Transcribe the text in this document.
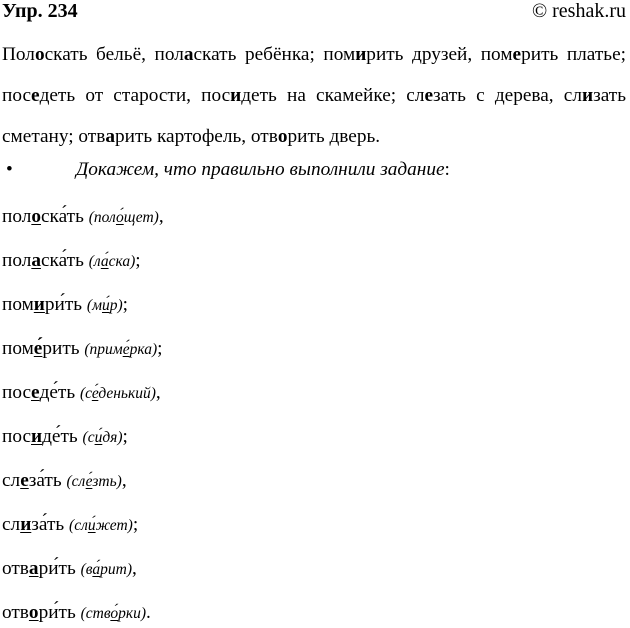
Упр. 234	© reshak.ru

Полоскать бельё, поласкать ребёнка; помирить друзей, померить платье; поседеть от старости, посидеть на скамейке; слезать с дерева, слизать сметану; отварить картофель, отворить дверь.

•	Докажем, что правильно выполнили задание:
полоска́ть (поло́щет),
поласка́ть (ла́ска);
помири́ть (ми́р);
поме́рить (приме́рка);
поседе́ть (се́денький),
посиде́ть (си́дя);
слеза́ть (сле́зть),
слиза́ть (сли́жет);
отвари́ть (ва́рит),
отвори́ть (ство́рки).
